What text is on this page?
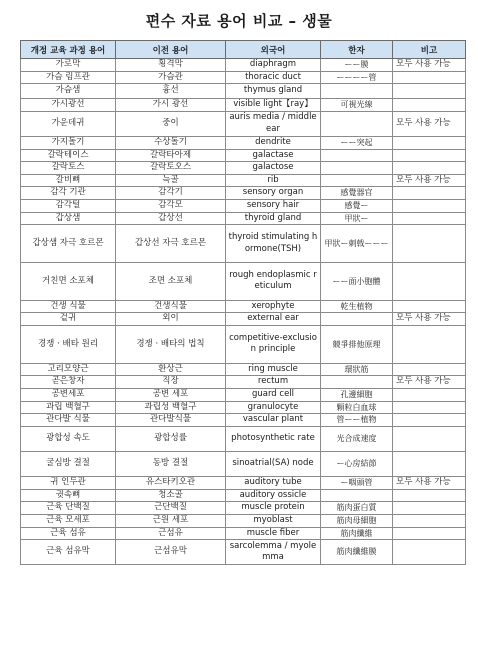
편수 자료 용어 비교 – 생물
개정 교육 과정 용어	이전 용어	외국어	한자	비고
가로막	횡격막	diaphragm	ーー膜	모두 사용 가능
가슴 림프관	가슴관	thoracic duct	ーーーー管	
가슴샘	흉선	thymus gland		
가시광선	가시 광선	visible light【ray】	可視光線	
가운데귀	중이	auris media / middle ear		모두 사용 가능
가지돌기	수상돌기	dendrite	ーー突起	
갈락테이스	갈락타아제	galactase		
갈락토스	갈락토오스	galactose		
갈비뼈	늑골	rib		모두 사용 가능
감각 기관	감각기	sensory organ	感覺器官	
감각털	감각모	sensory hair	感覺ー	
갑상샘	갑상선	thyroid gland	甲狀ー	
갑상샘 자극 호르몬	갑상선 자극 호르몬	thyroid stimulating hormone(TSH)	甲狀ー刺戟ーーー	
거친면 소포체	조면 소포체	rough endoplasmic reticulum	ーー面小胞體	
건생 식물	건생식물	xerophyte	乾生植物	
겉귀	외이	external ear		모두 사용 가능
경쟁 · 배타 원리	경쟁 · 배타의 법칙	competitive-exclusion principle	競爭排他原理	
고리모양근	환상근	ring muscle	環狀筋	
곧은창자	직장	rectum		모두 사용 가능
공변세포	공변 세포	guard cell	孔邊細胞	
과립 백혈구	과립성 백혈구	granulocyte	顆粒白血球	
관다발 식물	관다발식물	vascular plant	管ーー植物	
광합성 속도	광합성률	photosynthetic rate	光合成速度	
굴심방 결절	동방 결절	sinoatrial(SA) node	ー心房結節	
귀 인두관	유스타키오관	auditory tube	ー咽頭管	모두 사용 가능
귓속뼈	청소골	auditory ossicle		
근육 단백질	근단백질	muscle protein	筋肉蛋白質	
근육 모세포	근원 세포	myoblast	筋肉母細胞	
근육 섬유	근섬유	muscle fiber	筋肉纖維	
근육 섬유막	근섬유막	sarcolemma / myolemma	筋肉纖維膜	
